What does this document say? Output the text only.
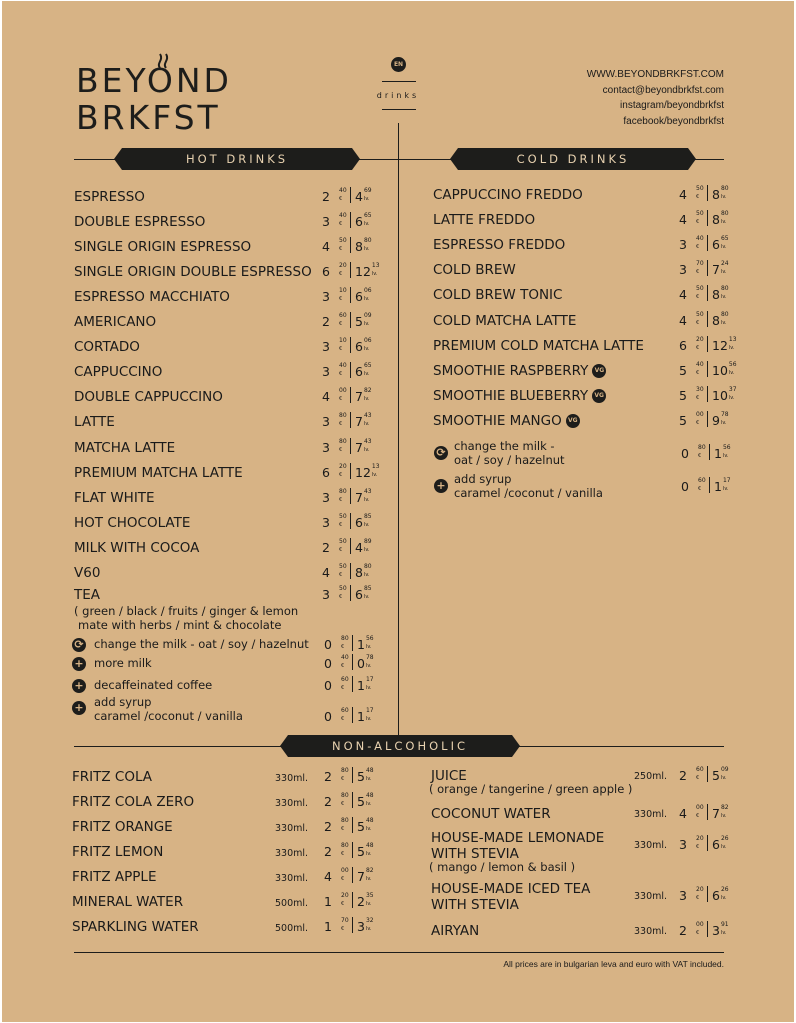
BEYOND
BRKFST
EN
drinks
WWW.BEYONDBRKFST.COM
contact@beyondbrkfst.com
instagram/beyondbrkfst
facebook/beyondbrkfst
HOT DRINKS	COLD DRINKS
NON-ALCOHOLIC
All prices are in bulgarian leva and euro with VAT included.
ESPRESSO	2 40
€ 4 69
lv.
DOUBLE ESPRESSO	3 40
€ 6 65
lv.
SINGLE ORIGIN ESPRESSO	4 50
€ 8 80
lv.
SINGLE ORIGIN DOUBLE ESPRESSO 6 20
€ 12 13
lv.
ESPRESSO MACCHIATO	3 10
€ 6 06
lv.
AMERICANO	2 60
€ 5 09
lv.
CORTADO	3 10
€ 6 06
lv.
CAPPUCCINO	3 40
€ 6 65
lv.
DOUBLE CAPPUCCINO	4 00
€ 7 82
lv.
LATTE	3 80
€ 7 43
lv.
MATCHA LATTE	3 80
€ 7 43
lv.
PREMIUM MATCHA LATTE	6 20
€ 12 13
lv.
FLAT WHITE	3 80
€ 7 43
lv.
HOT CHOCOLATE	3 50
€ 6 85
lv.
MILK WITH COCOA	2 50
€ 4 89
lv.
V60	4 50
€ 8 80
lv.
TEA	3 50
€ 6 85
lv.
( green / black / fruits / ginger & lemon
mate with herbs / mint & chocolate
⟳ change the milk - oat / soy / hazelnut 0 80
€ 1 56
lv.
+ more milk	0 40
€ 0 78
lv.
+ decaffeinated coffee	0 60
€ 1 17
lv.
+ add syrup
caramel /coconut / vanilla	0 60
€ 1 17
lv.
CAPPUCCINO FREDDO	4 50
€ 8 80
lv.
LATTE FREDDO	4 50
€ 8 80
lv.
ESPRESSO FREDDO	3 40
€ 6 65
lv.
COLD BREW	3 70
€ 7 24
lv.
COLD BREW TONIC	4 50
€ 8 80
lv.
COLD MATCHA LATTE	4 50
€ 8 80
lv.
PREMIUM COLD MATCHA LATTE	6 20
€ 12 13
lv.
SMOOTHIE RASPBERRY VG	5 40
€ 10 56
lv.
SMOOTHIE BLUEBERRY VG	5 30
€ 10 37
lv.
SMOOTHIE MANGO VG	5 00
€ 9 78
lv.
⟳ change the milk -
oat / soy / hazelnut	0 80
€ 1 56
lv.
+ add syrup
caramel /coconut / vanilla	0 60
€ 1 17
lv.
FRITZ COLA	330ml. 2 80
€ 5 48
lv.
FRITZ COLA ZERO	330ml. 2 80
€ 5 48
lv.
FRITZ ORANGE	330ml. 2 80
€ 5 48
lv.
FRITZ LEMON	330ml. 2 80
€ 5 48
lv.
FRITZ APPLE	330ml. 4 00
€ 7 82
lv.
MINERAL WATER	500ml. 1 20
€ 2 35
lv.
SPARKLING WATER	500ml. 1 70
€ 3 32
lv.
JUICE
( orange / tangerine / green apple )
250ml. 2 60
€ 5 09
lv.
COCONUT WATER	330ml. 4 00
€ 7 82
lv.
HOUSE-MADE LEMONADE
WITH STEVIA
( mango / lemon & basil )
330ml. 3 20
€ 6 26
lv.
HOUSE-MADE ICED TEA
WITH STEVIA
330ml. 3 20
€ 6 26
lv.
AIRYAN	330ml. 2 00
€ 3 91
lv.
